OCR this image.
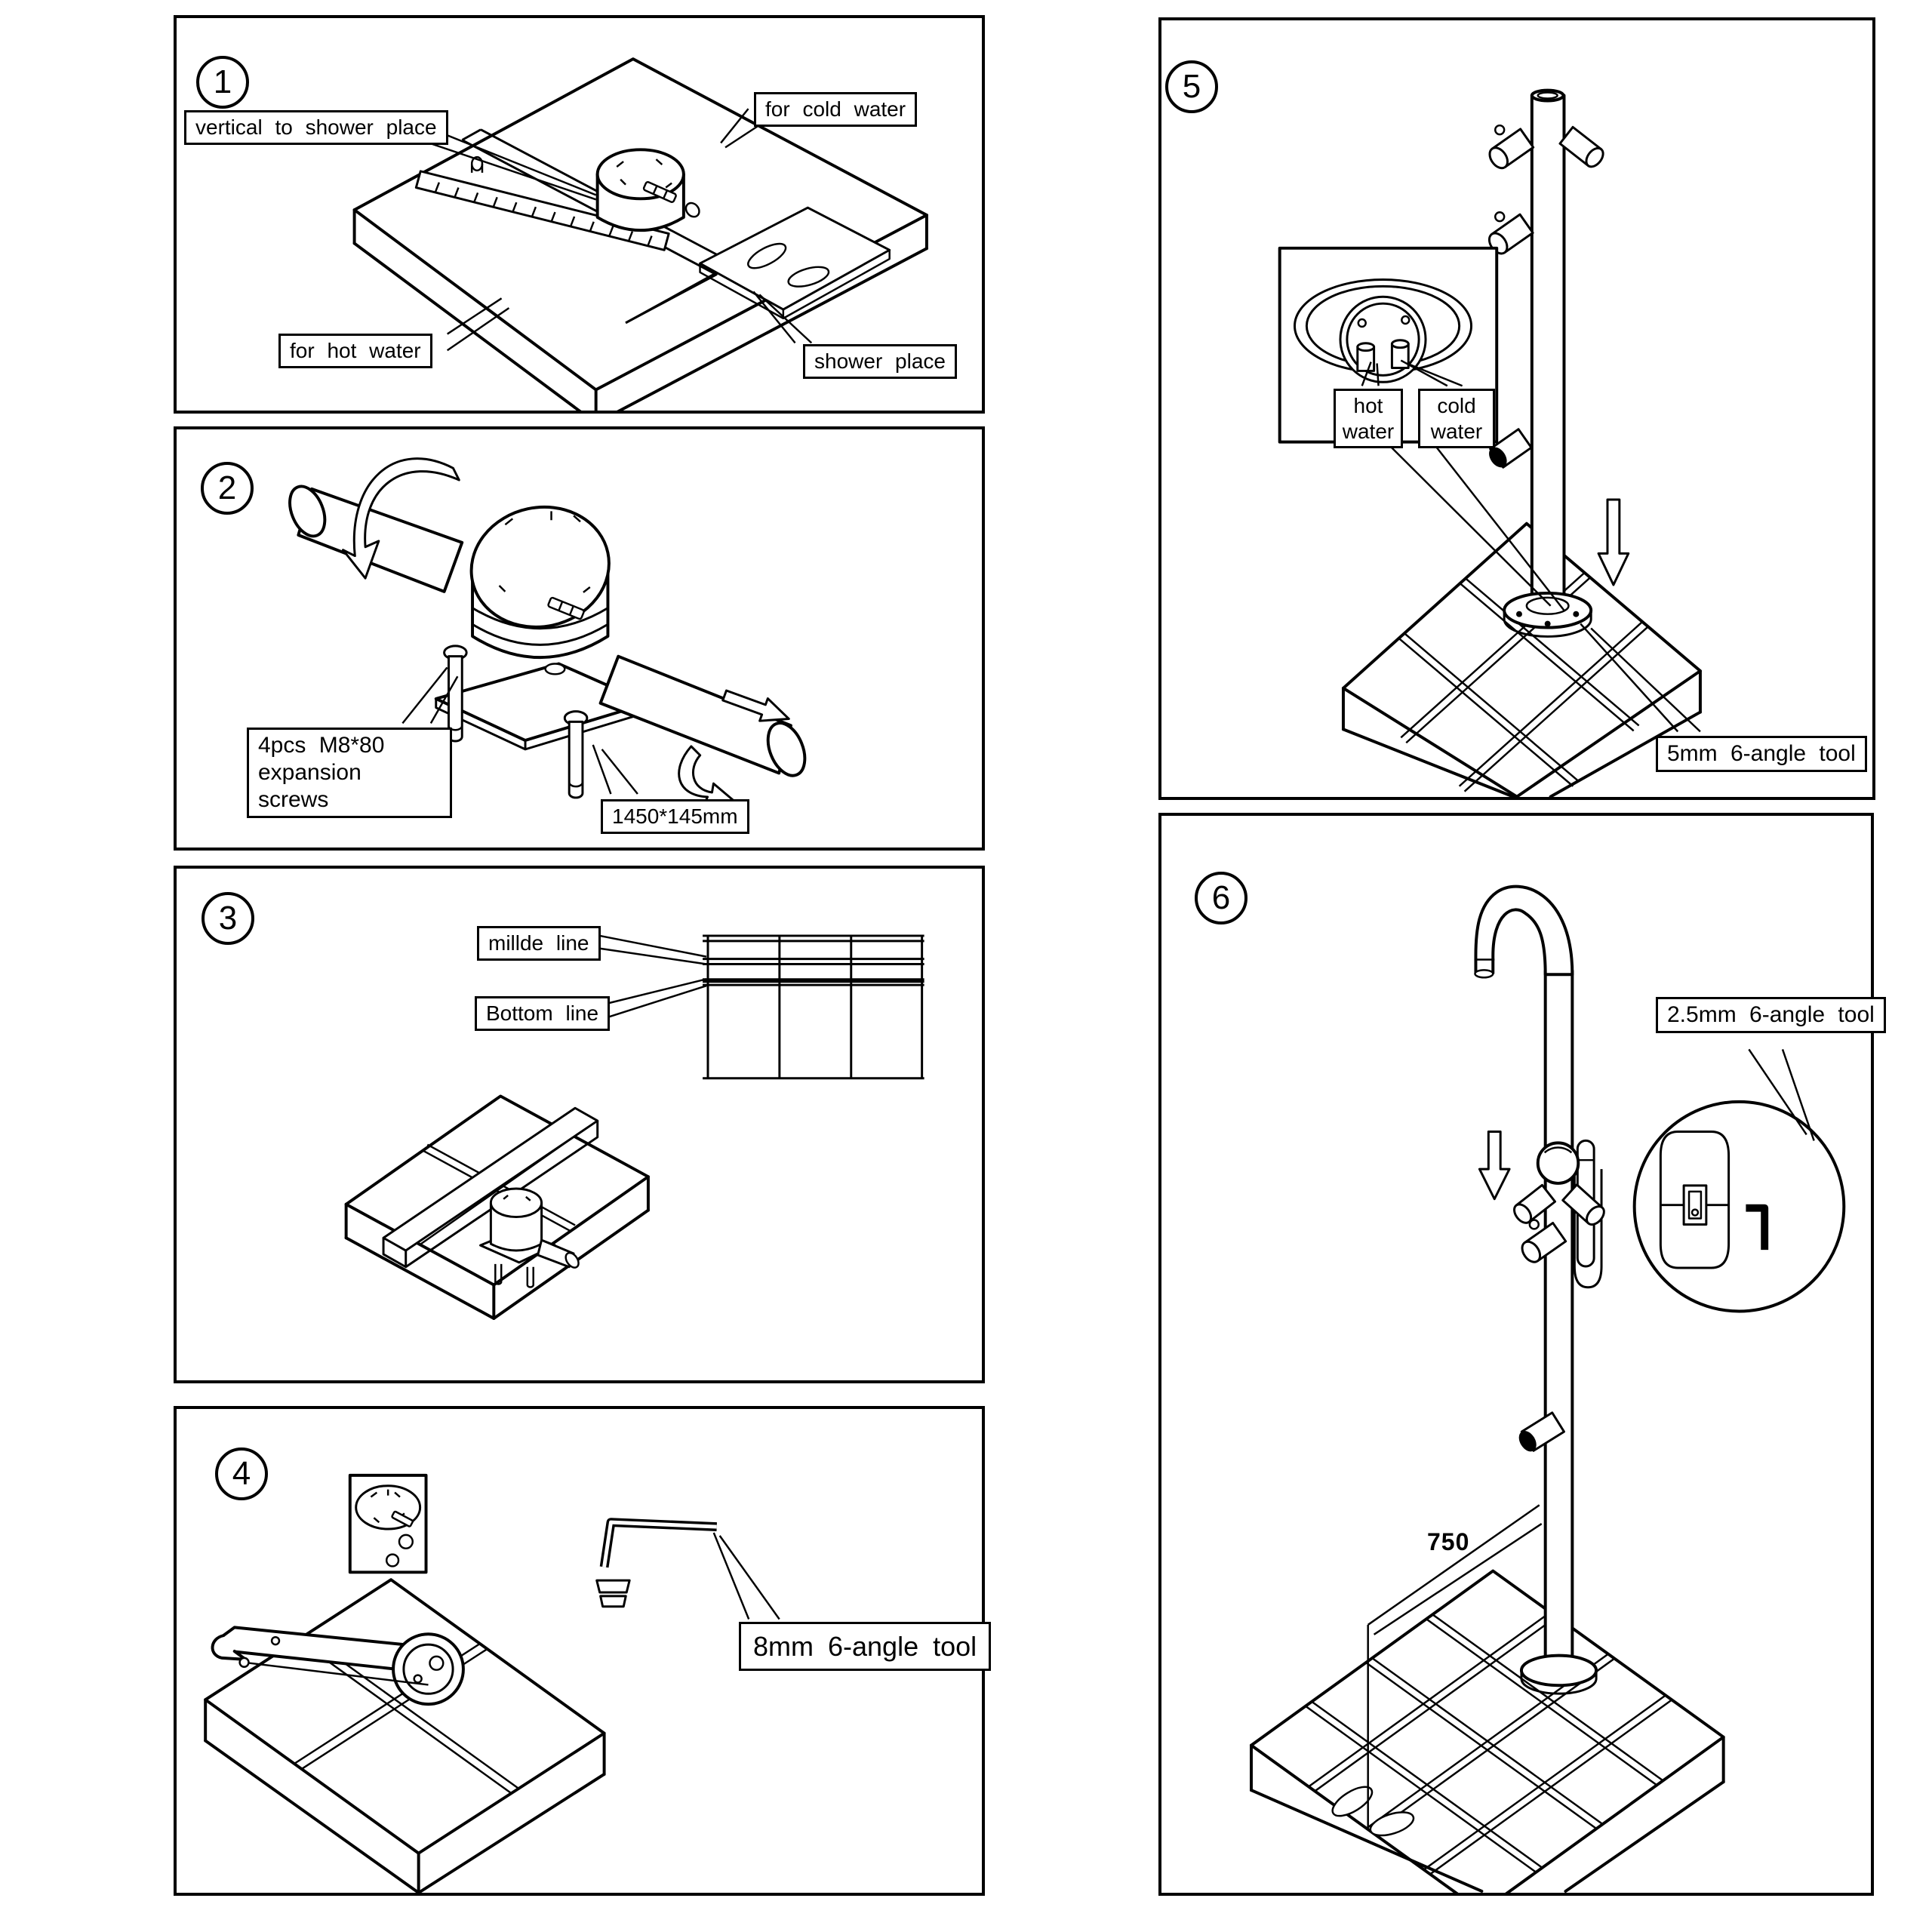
1
vertical to shower place
for cold water
for hot water	shower place
2
4pcs M8*80 expansion screws
1450*145mm
3
millde line
Bottom line
4
8mm 6-angle tool
5
hot water
cold water
5mm 6-angle tool
6
2.5mm 6-angle tool
750
